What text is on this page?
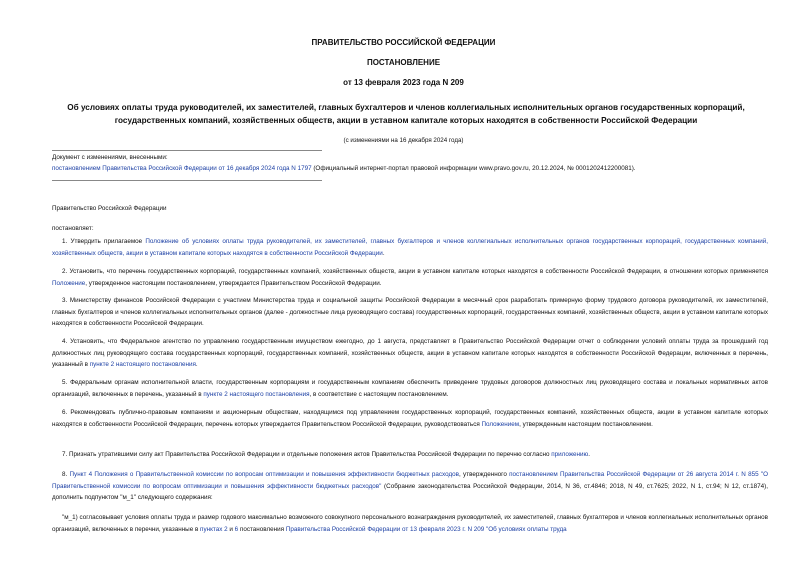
ПРАВИТЕЛЬСТВО РОССИЙСКОЙ ФЕДЕРАЦИИ
ПОСТАНОВЛЕНИЕ
от 13 февраля 2023 года N 209
Об условиях оплаты труда руководителей, их заместителей, главных бухгалтеров и членов коллегиальных исполнительных органов государственных корпораций, государственных компаний, хозяйственных обществ, акции в уставном капитале которых находятся в собственности Российской Федерации
(с изменениями на 16 декабря 2024 года)
Документ с изменениями, внесенными:
постановлением Правительства Российской Федерации от 16 декабря 2024 года N 1797 (Официальный интернет-портал правовой информации www.pravo.gov.ru, 20.12.2024, № 0001202412200081).
Правительство Российской Федерации
постановляет:
1. Утвердить прилагаемое Положение об условиях оплаты труда руководителей, их заместителей, главных бухгалтеров и членов коллегиальных исполнительных органов государственных корпораций, государственных компаний, хозяйственных обществ, акции в уставном капитале которых находятся в собственности Российской Федерации.
2. Установить, что перечень государственных корпораций, государственных компаний, хозяйственных обществ, акции в уставном капитале которых находятся в собственности Российской Федерации, в отношении которых применяется Положение, утвержденное настоящим постановлением, утверждается Правительством Российской Федерации.
3. Министерству финансов Российской Федерации с участием Министерства труда и социальной защиты Российской Федерации в месячный срок разработать примерную форму трудового договора руководителей, их заместителей, главных бухгалтеров и членов коллегиальных исполнительных органов (далее - должностные лица руководящего состава) государственных корпораций, государственных компаний, хозяйственных обществ, акции в уставном капитале которых находятся в собственности Российской Федерации.
4. Установить, что Федеральное агентство по управлению государственным имуществом ежегодно, до 1 августа, представляет в Правительство Российской Федерации отчет о соблюдении условий оплаты труда за прошедший год должностных лиц руководящего состава государственных корпораций, государственных компаний, хозяйственных обществ, акции в уставном капитале которых находятся в собственности Российской Федерации, включенных в перечень, указанный в пункте 2 настоящего постановления.
5. Федеральным органам исполнительной власти, государственным корпорациям и государственным компаниям обеспечить приведение трудовых договоров должностных лиц руководящего состава и локальных нормативных актов организаций, включенных в перечень, указанный в пункте 2 настоящего постановления, в соответствие с настоящим постановлением.
6. Рекомендовать публично-правовым компаниям и акционерным обществам, находящимся под управлением государственных корпораций, государственных компаний, хозяйственных обществ, акции в уставном капитале которых находятся в собственности Российской Федерации, перечень которых утверждается Правительством Российской Федерации, руководствоваться Положением, утвержденным настоящим постановлением.
7. Признать утратившими силу акт Правительства Российской Федерации и отдельные положения актов Правительства Российской Федерации по перечню согласно приложению.
8. Пункт 4 Положения о Правительственной комиссии по вопросам оптимизации и повышения эффективности бюджетных расходов, утвержденного постановлением Правительства Российской Федерации от 26 августа 2014 г. N 855 "О Правительственной комиссии по вопросам оптимизации и повышения эффективности бюджетных расходов" (Собрание законодательства Российской Федерации, 2014, N 36, ст.4846; 2018, N 49, ст.7625; 2022, N 1, ст.94; N 12, ст.1874), дополнить подпунктом "м_1" следующего содержания:
"м_1) согласовывает условия оплаты труда и размер годового максимально возможного совокупного персонального вознаграждения руководителей, их заместителей, главных бухгалтеров и членов коллегиальных исполнительных органов организаций, включенных в перечни, указанные в пунктах 2 и 6 постановления Правительства Российской Федерации от 13 февраля 2023 г. N 209 "Об условиях оплаты труда
